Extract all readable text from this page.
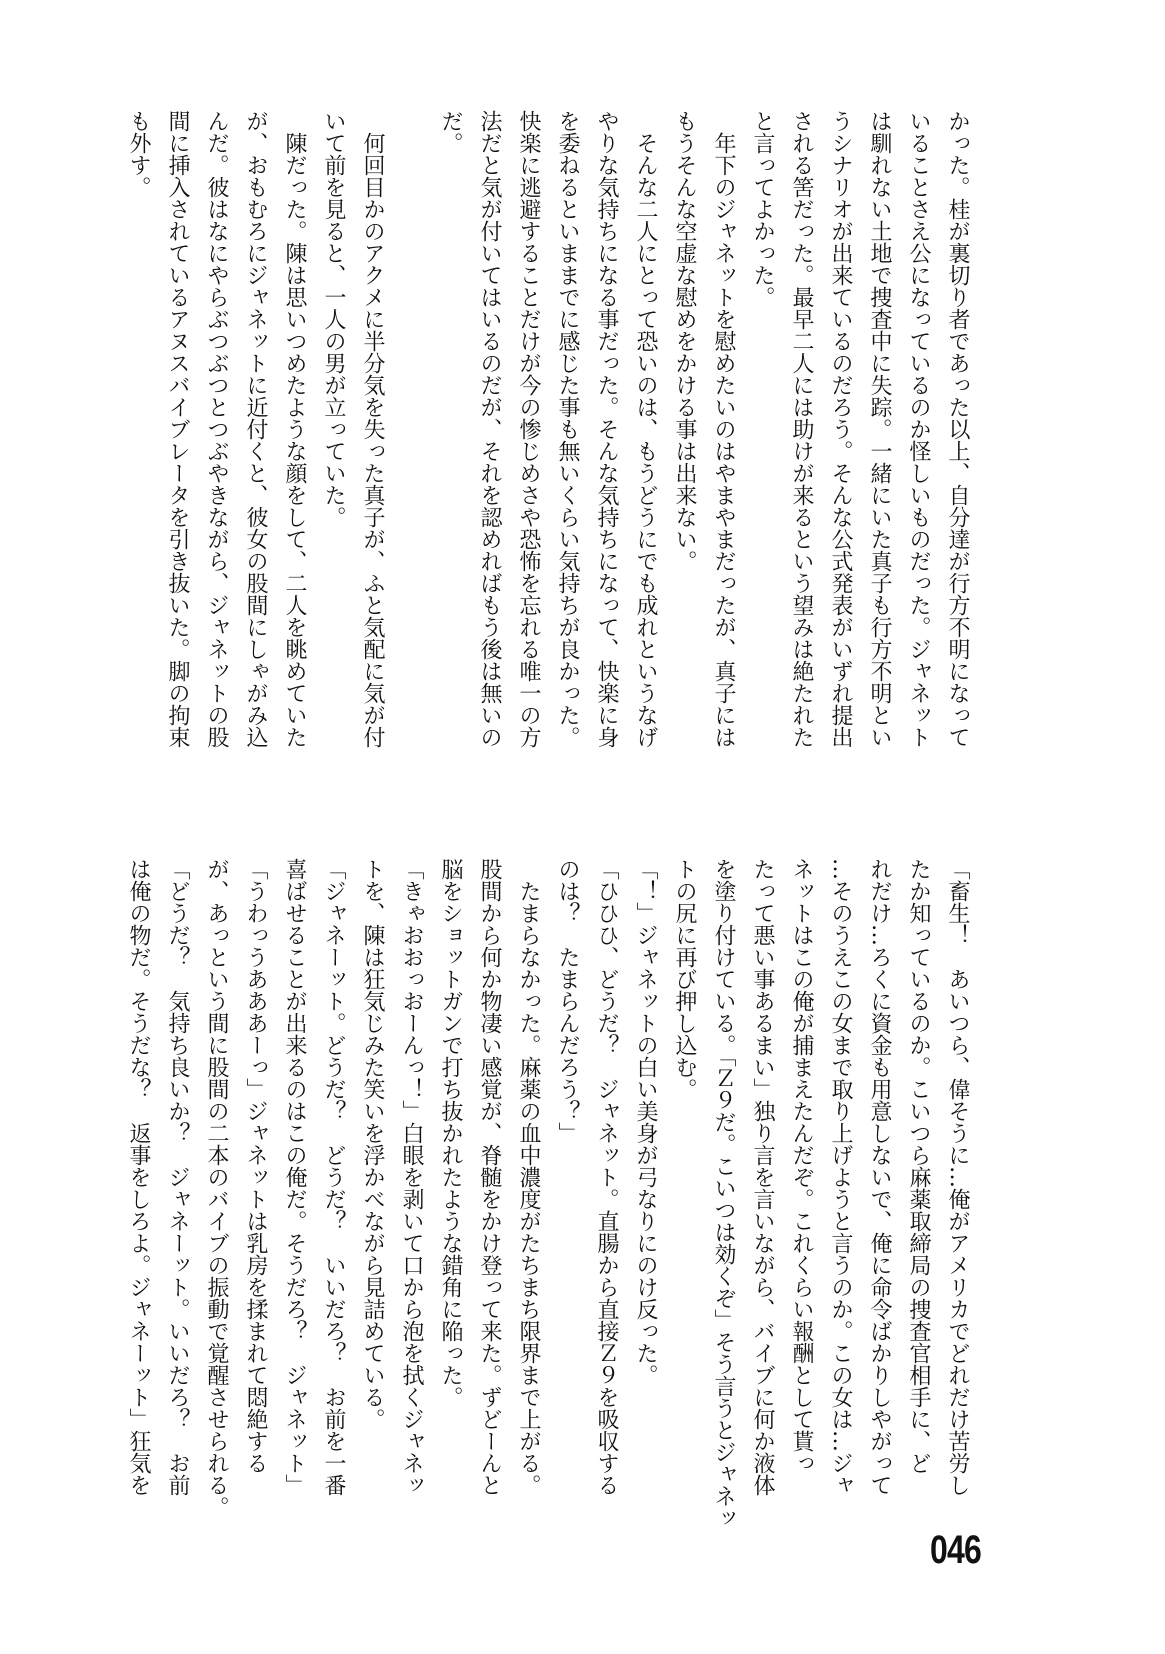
かった。桂が裏切り者であった以上、自分達が行方不明になって
いることさえ公になっているのか怪しいものだった。ジャネット
は馴れない土地で捜査中に失踪。一緒にいた真子も行方不明とい
うシナリオが出来ているのだろう。そんな公式発表がいずれ提出
される筈だった。最早二人には助けが来るという望みは絶たれた
と言ってよかった。
　年下のジャネットを慰めたいのはやまやまだったが、真子には
もうそんな空虚な慰めをかける事は出来ない。
　そんな二人にとって恐いのは、もうどうにでも成れというなげ
やりな気持ちになる事だった。そんな気持ちになって、快楽に身
を委ねるといままでに感じた事も無いくらい気持ちが良かった。
快楽に逃避することだけが今の惨じめさや恐怖を忘れる唯一の方
法だと気が付いてはいるのだが、それを認めればもう後は無いの
だ。

　何回目かのアクメに半分気を失った真子が、ふと気配に気が付
いて前を見ると、一人の男が立っていた。
　陳だった。陳は思いつめたような顔をして、二人を眺めていた
が、おもむろにジャネットに近付くと、彼女の股間にしゃがみ込
んだ。彼はなにやらぶつぶつとつぶやきながら、ジャネットの股
間に挿入されているアヌスバイブレータを引き抜いた。脚の拘束
も外す。
「畜生！　あいつら、偉そうに…俺がアメリカでどれだけ苦労し
たか知っているのか。こいつら麻薬取締局の捜査官相手に、ど
れだけ…ろくに資金も用意しないで、俺に命令ばかりしやがって
…そのうえこの女まで取り上げようと言うのか。この女は…ジャ
ネットはこの俺が捕まえたんだぞ。これくらい報酬として貰っ
たって悪い事あるまい」独り言を言いながら、バイブに何か液体
を塗り付けている。「Ｚ９だ。こいつは効くぞ」そう言うとジャネッ
トの尻に再び押し込む。
「！」ジャネットの白い美身が弓なりにのけ反った。
「ひひひ、どうだ？　ジャネット。直腸から直接Ｚ９を吸収する
のは？　たまらんだろう？」
　たまらなかった。麻薬の血中濃度がたちまち限界まで上がる。
股間から何か物凄い感覚が、脊髄をかけ登って来た。ずどーんと
脳をショットガンで打ち抜かれたような錯角に陥った。
「きゃおおっおーんっ！」白眼を剥いて口から泡を拭くジャネッ
トを、陳は狂気じみた笑いを浮かべながら見詰めている。
「ジャネーット。どうだ？　どうだ？　いいだろ？　お前を一番
喜ばせることが出来るのはこの俺だ。そうだろ？　ジャネット」
「うわっうあああーっ」ジャネットは乳房を揉まれて悶絶する
が、あっという間に股間の二本のバイブの振動で覚醒させられる。
「どうだ？　気持ち良いか？　ジャネーット。いいだろ？　お前
は俺の物だ。そうだな？　返事をしろよ。ジャネーット」狂気を
046
